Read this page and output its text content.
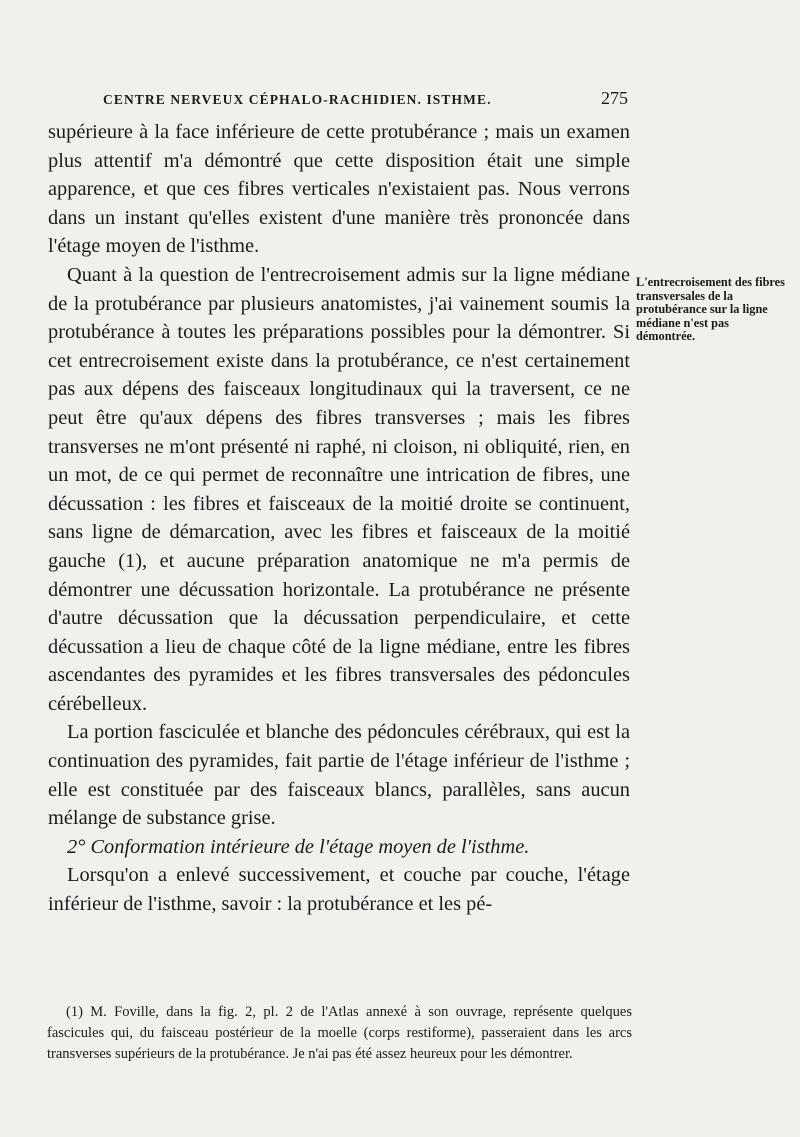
CENTRE NERVEUX CÉPHALO-RACHIDIEN. ISTHME.	275

supérieure à la face inférieure de cette protubérance ; mais un examen plus attentif m'a démontré que cette disposition était une simple apparence, et que ces fibres verticales n'existaient pas. Nous verrons dans un instant qu'elles existent d'une manière très prononcée dans l'étage moyen de l'isthme.

Quant à la question de l'entrecroisement admis sur la ligne médiane de la protubérance par plusieurs anatomistes, j'ai vainement soumis la protubérance à toutes les préparations possibles pour la démontrer. Si cet entrecroisement existe dans la protubérance, ce n'est certainement pas aux dépens des faisceaux longitudinaux qui la traversent, ce ne peut être qu'aux dépens des fibres transverses ; mais les fibres transverses ne m'ont présenté ni raphé, ni cloison, ni obliquité, rien, en un mot, de ce qui permet de reconnaître une intrication de fibres, une décussation : les fibres et faisceaux de la moitié droite se continuent, sans ligne de démarcation, avec les fibres et faisceaux de la moitié gauche (1), et aucune préparation anatomique ne m'a permis de démontrer une décussation horizontale. La protubérance ne présente d'autre décussation que la décussation perpendiculaire, et cette décussation a lieu de chaque côté de la ligne médiane, entre les fibres ascendantes des pyramides et les fibres transversales des pédoncules cérébelleux.

La portion fasciculée et blanche des pédoncules cérébraux, qui est la continuation des pyramides, fait partie de l'étage inférieur de l'isthme ; elle est constituée par des faisceaux blancs, parallèles, sans aucun mélange de substance grise.

2° Conformation intérieure de l'étage moyen de l'isthme.

Lorsqu'on a enlevé successivement, et couche par couche, l'étage inférieur de l'isthme, savoir : la protubérance et les pé-

L'entrecroisement des fibres transversales de la protubérance sur la ligne médiane n'est pas démontrée.

(1) M. Foville, dans la fig. 2, pl. 2 de l'Atlas annexé à son ouvrage, représente quelques fascicules qui, du faisceau postérieur de la moelle (corps restiforme), passeraient dans les arcs transverses supérieurs de la protubérance. Je n'ai pas été assez heureux pour les démontrer.
